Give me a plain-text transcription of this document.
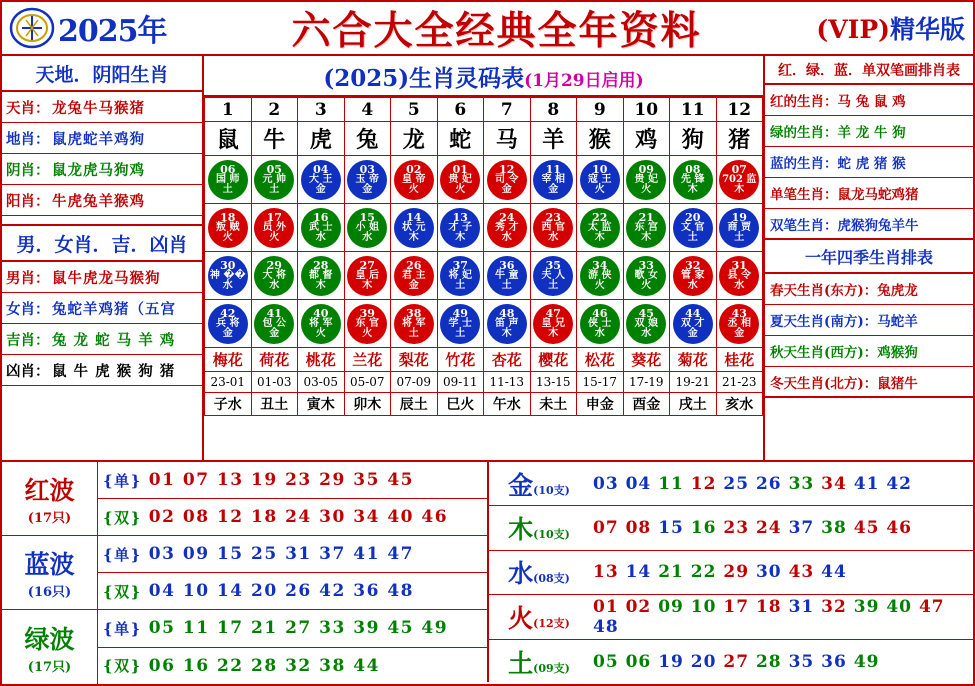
2025年	六合大全经典全年资料	(VIP)精华版
天地．阴阳生肖
天肖： 龙兔牛马猴猪
地肖： 鼠虎蛇羊鸡狗
阴肖： 鼠龙虎马狗鸡
阳肖： 牛虎兔羊猴鸡
男．女肖．吉．凶肖
男肖： 鼠牛虎龙马猴狗
女肖： 兔蛇羊鸡猪（五宫
吉肖： 兔 龙 蛇 马 羊 鸡
凶肖： 鼠 牛 虎 猴 狗 猪
(2025)生肖灵码表(1月29日启用)
1	2	3	4	5	6	7	8	9	10	11	12
鼠	牛	虎	兔	龙	蛇	马	羊	猴	鸡	狗	猪

06
国 师
土	05
元 帅
土	04
大 王
金	03
玉 帝
金	02
皇 帝
火	01
贵 妃
火	12
司 令
金	11
宰 相
金	10
寇 王
火	09
贵 妃
火	08
先 锋
木	07
702 监
木

18
叛 贼
火	17
员 外
火	16
武 士
水	15
小 姐
水	14
状 元
木	13
才 子
木	24
秀 才
水	23
西 官
水	22
太 监
木	21
东 宫
木	20
文 官
土	19
商 贾
土

30
神 ��
水	29
大 将
水	28
都 督
木	27
皇 后
木	26
君 主
金	37
将 妃
土	36
牛 童
土	35
夫 人
土	34
游 侠
火	33
歌 女
火	32
管 家
水	31
县 令
水

42
兵 将
金	41
包 公
金	40
将 军
火	39
东 官
火	38
将 军
土	49
学 士
土	48
笛 声
木	47
皇 兄
木	46
侠 士
水	45
双 娘
水	44
双 才
金	43
丞 相
金

梅花	荷花	桃花	兰花	梨花	竹花	杏花	樱花	松花	葵花	菊花	桂花
23-01	01-03	03-05	05-07	07-09	09-11	11-13	13-15	15-17	17-19	19-21	21-23
子水	丑土	寅木	卯木	辰土	巳火	午水	未土	申金	酉金	戌土	亥水
红．绿．蓝．单双笔画排肖表
红的生肖：马 兔 鼠 鸡
绿的生肖：羊 龙 牛 狗
蓝的生肖：蛇 虎 猪 猴
单笔生肖：鼠龙马蛇鸡猪
双笔生肖：虎猴狗兔羊牛
一年四季生肖排表
春天生肖(东方)：兔虎龙
夏天生肖(南方)：马蛇羊
秋天生肖(西方)：鸡猴狗
冬天生肖(北方)：鼠猪牛
红波
(17只)
{单} 01 07 13 19 23 29 35 45
{双} 02 08 12 18 24 30 34 40 46
蓝波
(16只)
{单} 03 09 15 25 31 37 41 47
{双} 04 10 14 20 26 42 36 48
绿波
(17只)
{单} 05 11 17 21 27 33 39 45 49
{双} 06 16 22 28 32 38 44
金(10支)	03 04 11 12 25 26 33 34 41 42
木(10支)	07 08 15 16 23 24 37 38 45 46
水(08支)	13 14 21 22 29 30 43 44
火(12支)
01 02 09 10 17 18 31 32 39 40 47 48
土(09支)	05 06 19 20 27 28 35 36 49
